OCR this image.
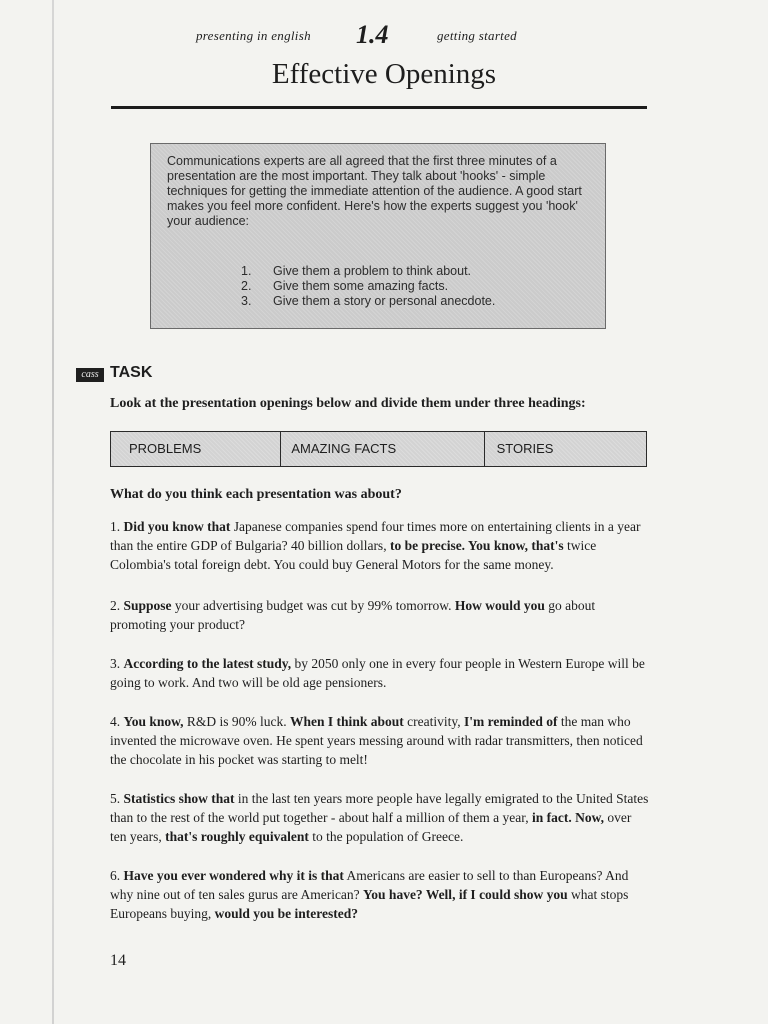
presenting in english 1.4	getting started
Effective Openings

Communications experts are all agreed that the first three minutes of a presentation are the most important. They talk about 'hooks' - simple techniques for getting the immediate attention of the audience. A good start makes you feel more confident. Here's how the experts suggest you 'hook' your audience:

1. Give them a problem to think about.
2. Give them some amazing facts.
3. Give them a story or personal anecdote.
cass TASK

Look at the presentation openings below and divide them under three headings:

PROBLEMS	AMAZING FACTS	STORIES

What do you think each presentation was about?

1. Did you know that Japanese companies spend four times more on entertaining clients in a year than the entire GDP of Bulgaria? 40 billion dollars, to be precise. You know, that's twice Colombia's total foreign debt. You could buy General Motors for the same money.
2. Suppose your advertising budget was cut by 99% tomorrow. How would you go about promoting your product?
3. According to the latest study, by 2050 only one in every four people in Western Europe will be going to work. And two will be old age pensioners.
4. You know, R&D is 90% luck. When I think about creativity, I'm reminded of the man who invented the microwave oven. He spent years messing around with radar transmitters, then noticed the chocolate in his pocket was starting to melt!
5. Statistics show that in the last ten years more people have legally emigrated to the United States than to the rest of the world put together - about half a million of them a year, in fact. Now, over ten years, that's roughly equivalent to the population of Greece.
6. Have you ever wondered why it is that Americans are easier to sell to than Europeans? And why nine out of ten sales gurus are American? You have? Well, if I could show you what stops Europeans buying, would you be interested?
14
